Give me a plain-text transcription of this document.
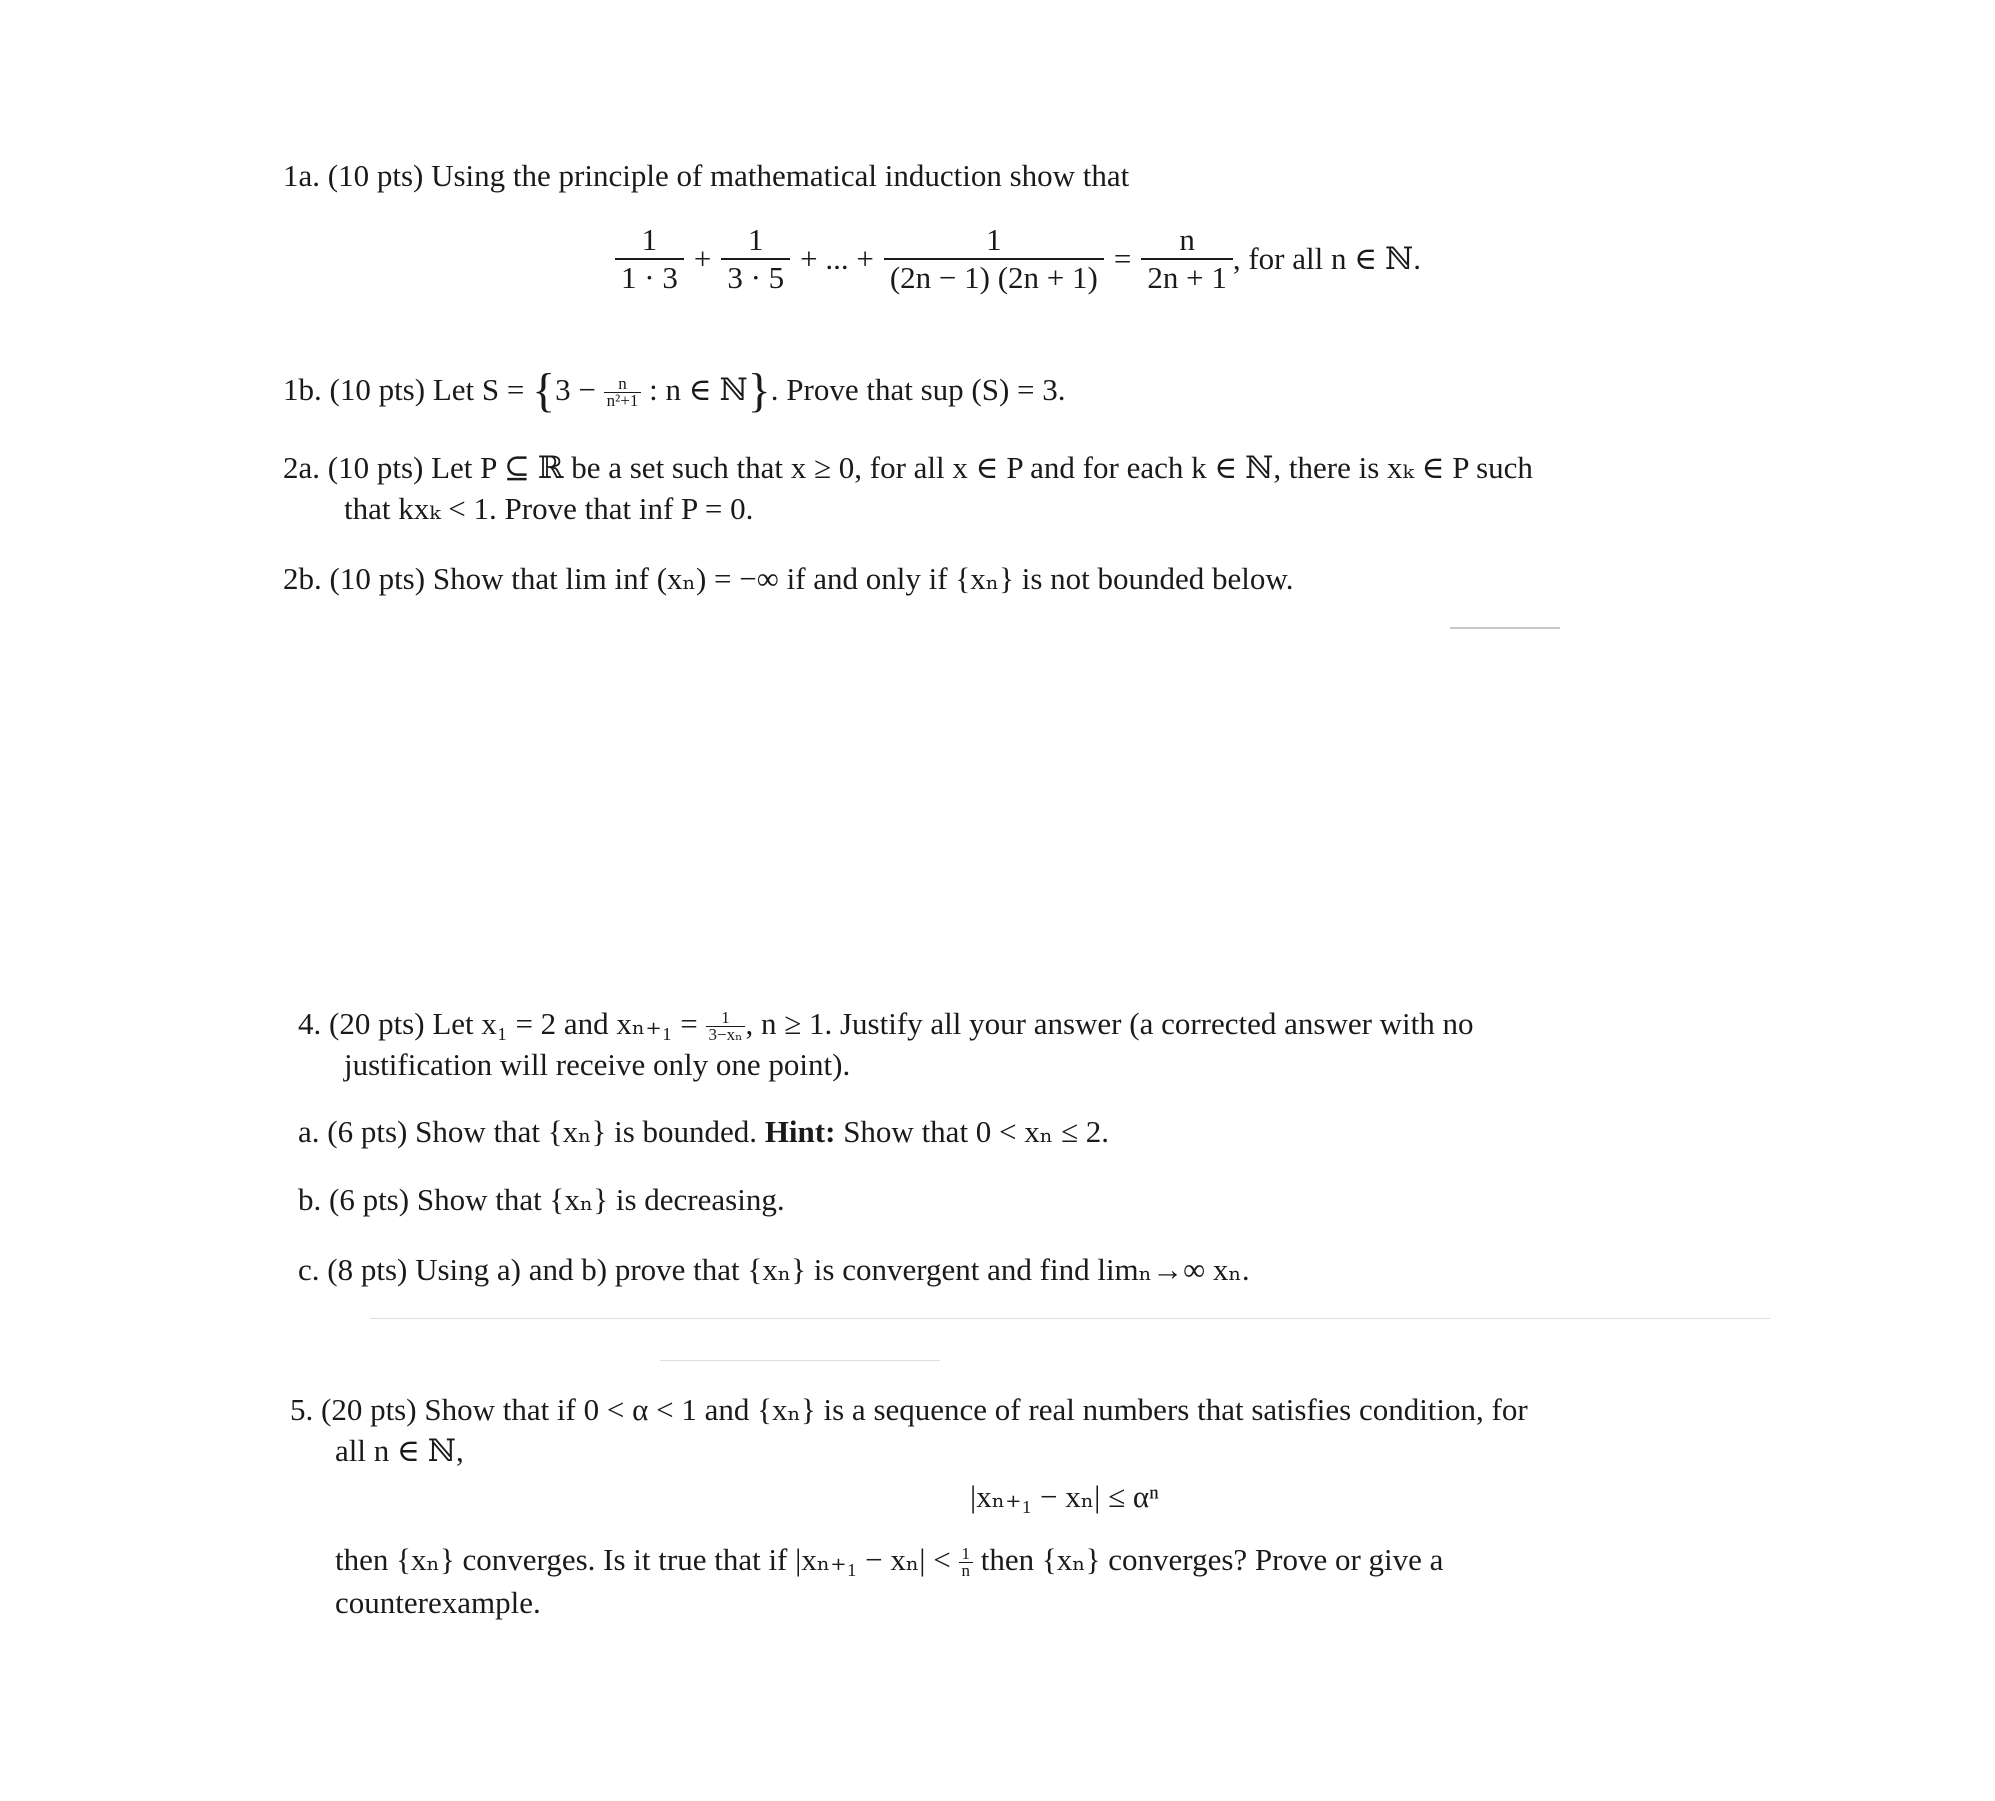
1a. (10 pts) Using the principle of mathematical induction show that
$\frac{1}{1 \cdot 3} + \frac{1}{3 \cdot 5}$ + ... + $\frac{1}{(2n - 1) (2n + 1)} = \frac{n}{2n + 1}$ , for all n ∈ ℕ.
1b. (10 pts) Let $S = \{3 - \frac{n}{\text{n²+1}}$ : n ∈ ℕ}. Prove that sup (S) = 3.
2a. (10 pts) Let P ⊆ ℝ be a set such that x ≥ 0, for all x ∈ P and for each k ∈ ℕ, there is xₖ ∈ P such
that kxₖ < 1. Prove that inf P = 0.
2b. (10 pts) Show that lim inf (xₙ) = −∞ if and only if {xₙ} is not bounded below.
4. (20 pts) Let x₁ = 2 and $x_{n+1} = \frac{1}{\text{3−xₙ}}$ , n ≥ 1. Justify all your answer (a corrected answer with no
justification will receive only one point).
a. (6 pts) Show that {xₙ} is bounded. Hint: Show that 0 < xₙ ≤ 2.
b. (6 pts) Show that {xₙ} is decreasing.
c. (8 pts) Using a) and b) prove that {xₙ} is convergent and find limₙ→∞ xₙ.
5. (20 pts) Show that if 0 < α < 1 and {xₙ} is a sequence of real numbers that satisfies condition, for
all n ∈ ℕ,
|xₙ₊₁ − xₙ| ≤ αⁿ
then {xₙ} converges. Is it true that if $|x_{n+1} - x_n| < \frac{1}{n}$ then {xₙ} converges? Prove or give a
counterexample.
